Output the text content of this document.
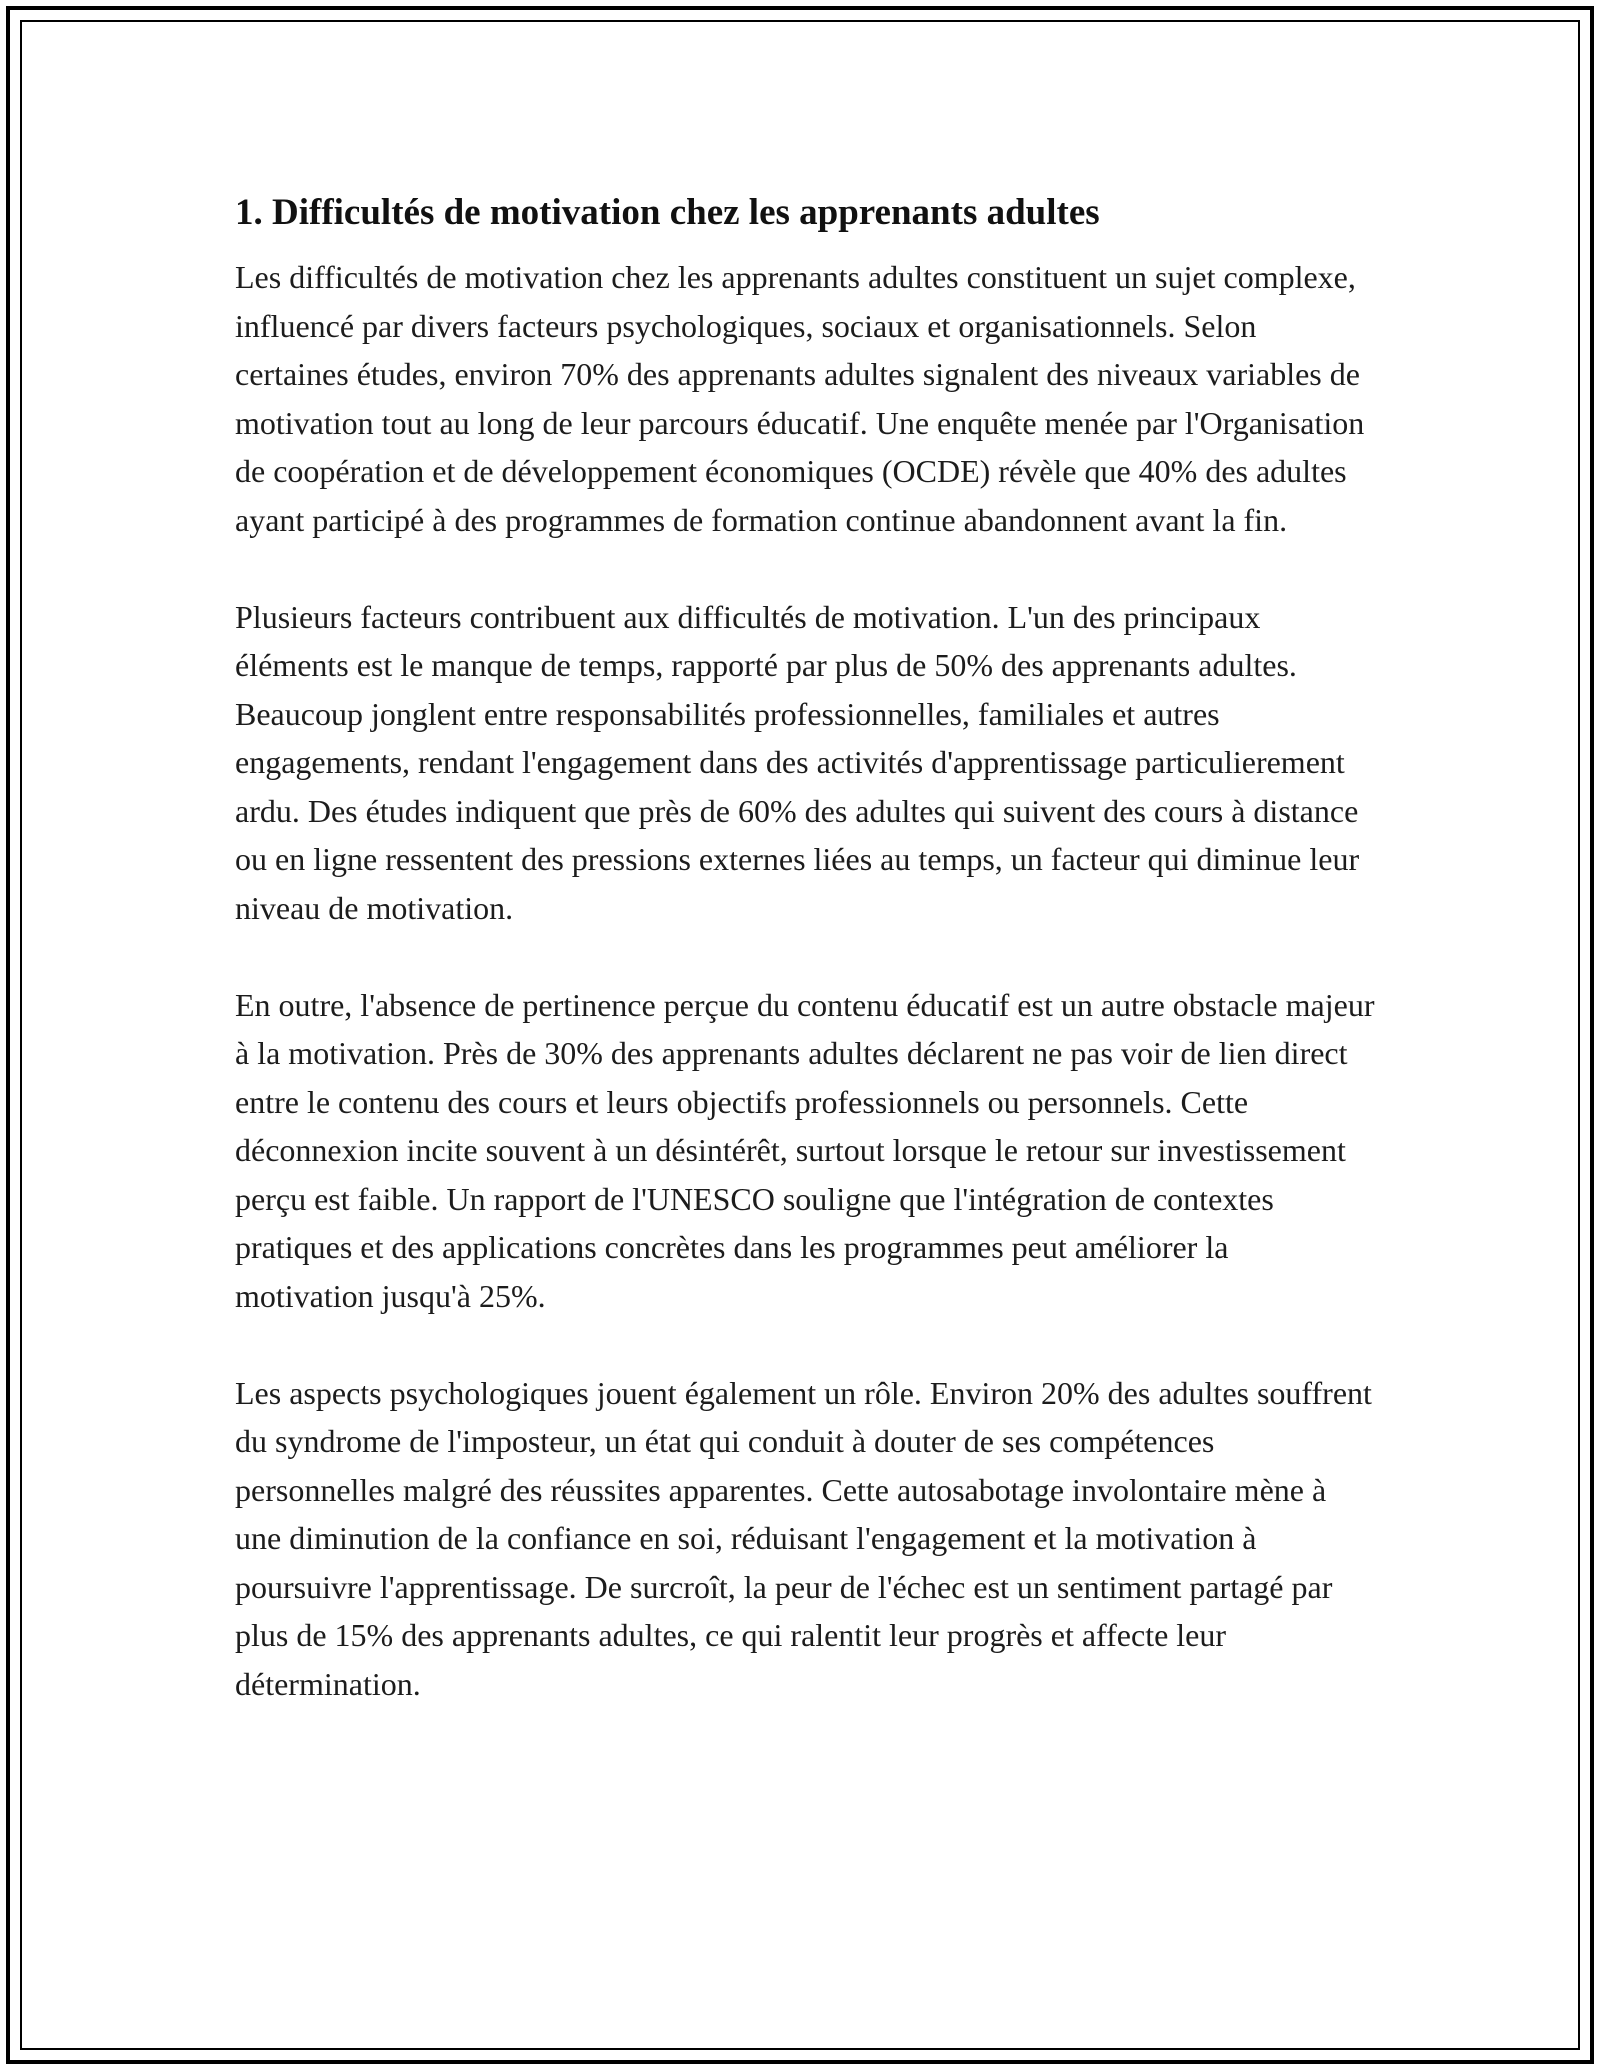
1. Difficultés de motivation chez les apprenants adultes

Les difficultés de motivation chez les apprenants adultes constituent un sujet complexe, influencé par divers facteurs psychologiques, sociaux et organisationnels. Selon certaines études, environ 70% des apprenants adultes signalent des niveaux variables de motivation tout au long de leur parcours éducatif. Une enquête menée par l'Organisation de coopération et de développement économiques (OCDE) révèle que 40% des adultes ayant participé à des programmes de formation continue abandonnent avant la fin.

Plusieurs facteurs contribuent aux difficultés de motivation. L'un des principaux éléments est le manque de temps, rapporté par plus de 50% des apprenants adultes. Beaucoup jonglent entre responsabilités professionnelles, familiales et autres engagements, rendant l'engagement dans des activités d'apprentissage particulierement ardu. Des études indiquent que près de 60% des adultes qui suivent des cours à distance ou en ligne ressentent des pressions externes liées au temps, un facteur qui diminue leur niveau de motivation.

En outre, l'absence de pertinence perçue du contenu éducatif est un autre obstacle majeur à la motivation. Près de 30% des apprenants adultes déclarent ne pas voir de lien direct entre le contenu des cours et leurs objectifs professionnels ou personnels. Cette déconnexion incite souvent à un désintérêt, surtout lorsque le retour sur investissement perçu est faible. Un rapport de l'UNESCO souligne que l'intégration de contextes pratiques et des applications concrètes dans les programmes peut améliorer la motivation jusqu'à 25%.

Les aspects psychologiques jouent également un rôle. Environ 20% des adultes souffrent du syndrome de l'imposteur, un état qui conduit à douter de ses compétences personnelles malgré des réussites apparentes. Cette autosabotage involontaire mène à une diminution de la confiance en soi, réduisant l'engagement et la motivation à poursuivre l'apprentissage. De surcroît, la peur de l'échec est un sentiment partagé par plus de 15% des apprenants adultes, ce qui ralentit leur progrès et affecte leur détermination.
